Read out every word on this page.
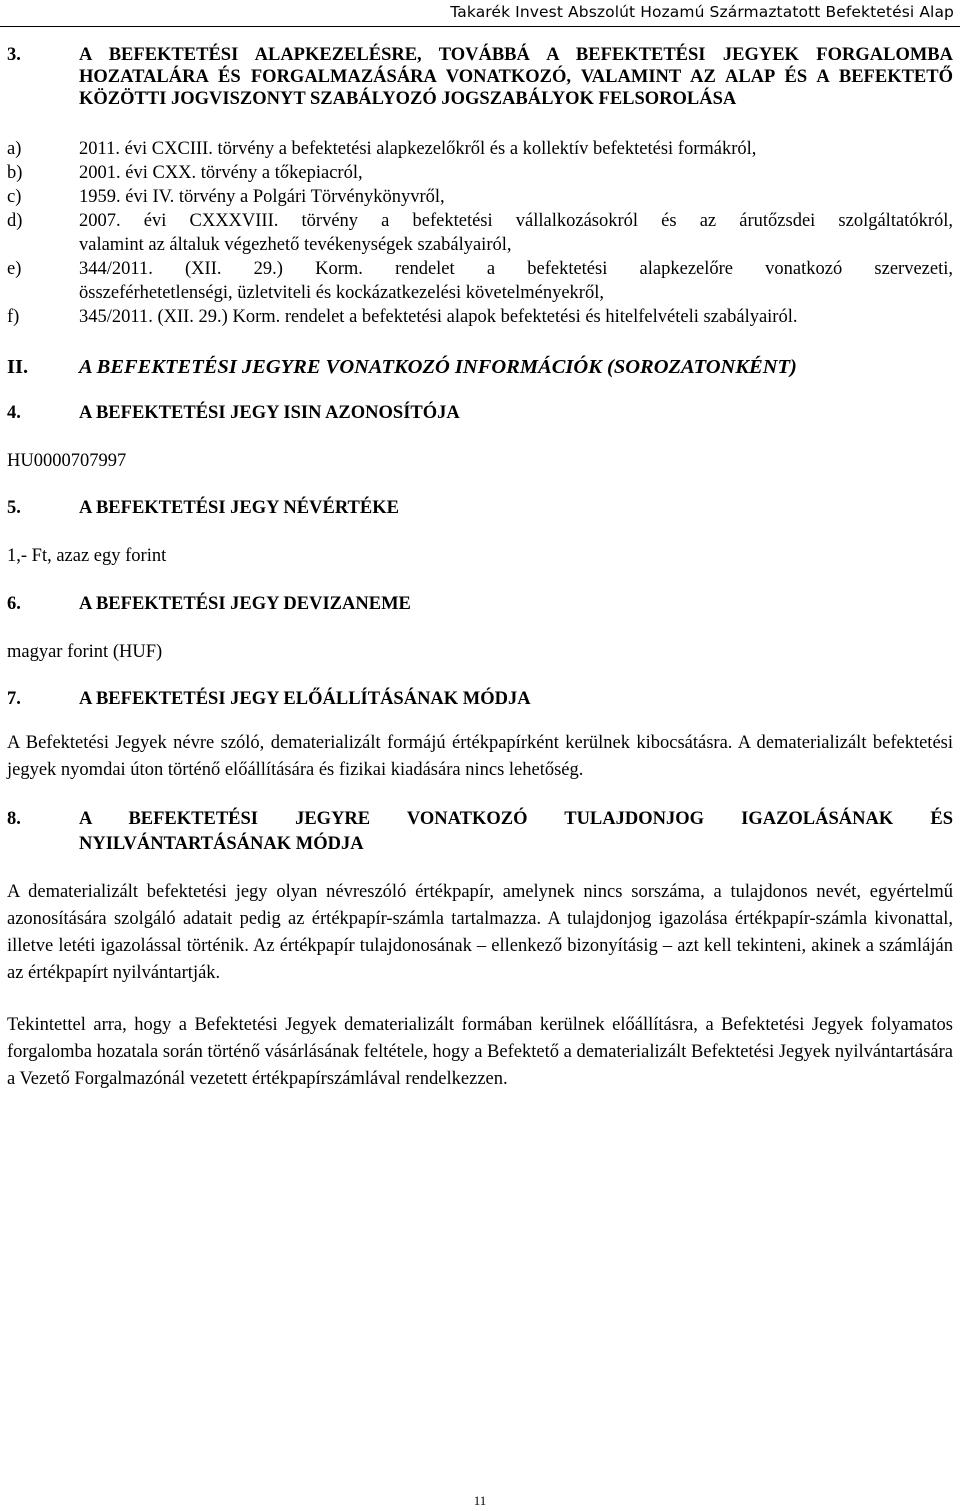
Takarék Invest Abszolút Hozamú Származtatott Befektetési Alap
3.	A BEFEKTETÉSI ALAPKEZELÉSRE, TOVÁBBÁ A BEFEKTETÉSI JEGYEK FORGALOMBA HOZATALÁRA ÉS FORGALMAZÁSÁRA VONATKOZÓ, VALAMINT AZ ALAP ÉS A BEFEKTETŐ KÖZÖTTI JOGVISZONYT SZABÁLYOZÓ JOGSZABÁLYOK FELSOROLÁSA
a)	2011. évi CXCIII. törvény a befektetési alapkezelőkről és a kollektív befektetési formákról,
b)	2001. évi CXX. törvény a tőkepiacról,
c)	1959. évi IV. törvény a Polgári Törvénykönyvről,
d)	2007. évi CXXXVIII. törvény a befektetési vállalkozásokról és az árutőzsdei szolgáltatókról,
valamint az általuk végezhető tevékenységek szabályairól,
e)	344/2011. (XII. 29.) Korm. rendelet a befektetési alapkezelőre vonatkozó szervezeti,
összeférhetetlenségi, üzletviteli és kockázatkezelési követelményekről,
f)	345/2011. (XII. 29.) Korm. rendelet a befektetési alapok befektetési és hitelfelvételi szabályairól.
II.	A BEFEKTETÉSI JEGYRE VONATKOZÓ INFORMÁCIÓK (SOROZATONKÉNT)
4.	A BEFEKTETÉSI JEGY ISIN AZONOSÍTÓJA
HU0000707997
5.	A BEFEKTETÉSI JEGY NÉVÉRTÉKE
1,- Ft, azaz egy forint
6.	A BEFEKTETÉSI JEGY DEVIZANEME
magyar forint (HUF)
7.	A BEFEKTETÉSI JEGY ELŐÁLLÍTÁSÁNAK MÓDJA
A Befektetési Jegyek névre szóló, dematerializált formájú értékpapírként kerülnek kibocsátásra. A dematerializált befektetési jegyek nyomdai úton történő előállítására és fizikai kiadására nincs lehetőség.
8.	A BEFEKTETÉSI JEGYRE VONATKOZÓ TULAJDONJOG IGAZOLÁSÁNAK ÉS NYILVÁNTARTÁSÁNAK MÓDJA
A dematerializált befektetési jegy olyan névreszóló értékpapír, amelynek nincs sorszáma, a tulajdonos nevét, egyértelmű azonosítására szolgáló adatait pedig az értékpapír-számla tartalmazza. A tulajdonjog igazolása értékpapír-számla kivonattal, illetve letéti igazolással történik. Az értékpapír tulajdonosának – ellenkező bizonyításig – azt kell tekinteni, akinek a számláján az értékpapírt nyilvántartják.
Tekintettel arra, hogy a Befektetési Jegyek dematerializált formában kerülnek előállításra, a Befektetési Jegyek folyamatos forgalomba hozatala során történő vásárlásának feltétele, hogy a Befektető a dematerializált Befektetési Jegyek nyilvántartására a Vezető Forgalmazónál vezetett értékpapírszámlával rendelkezzen.
11
